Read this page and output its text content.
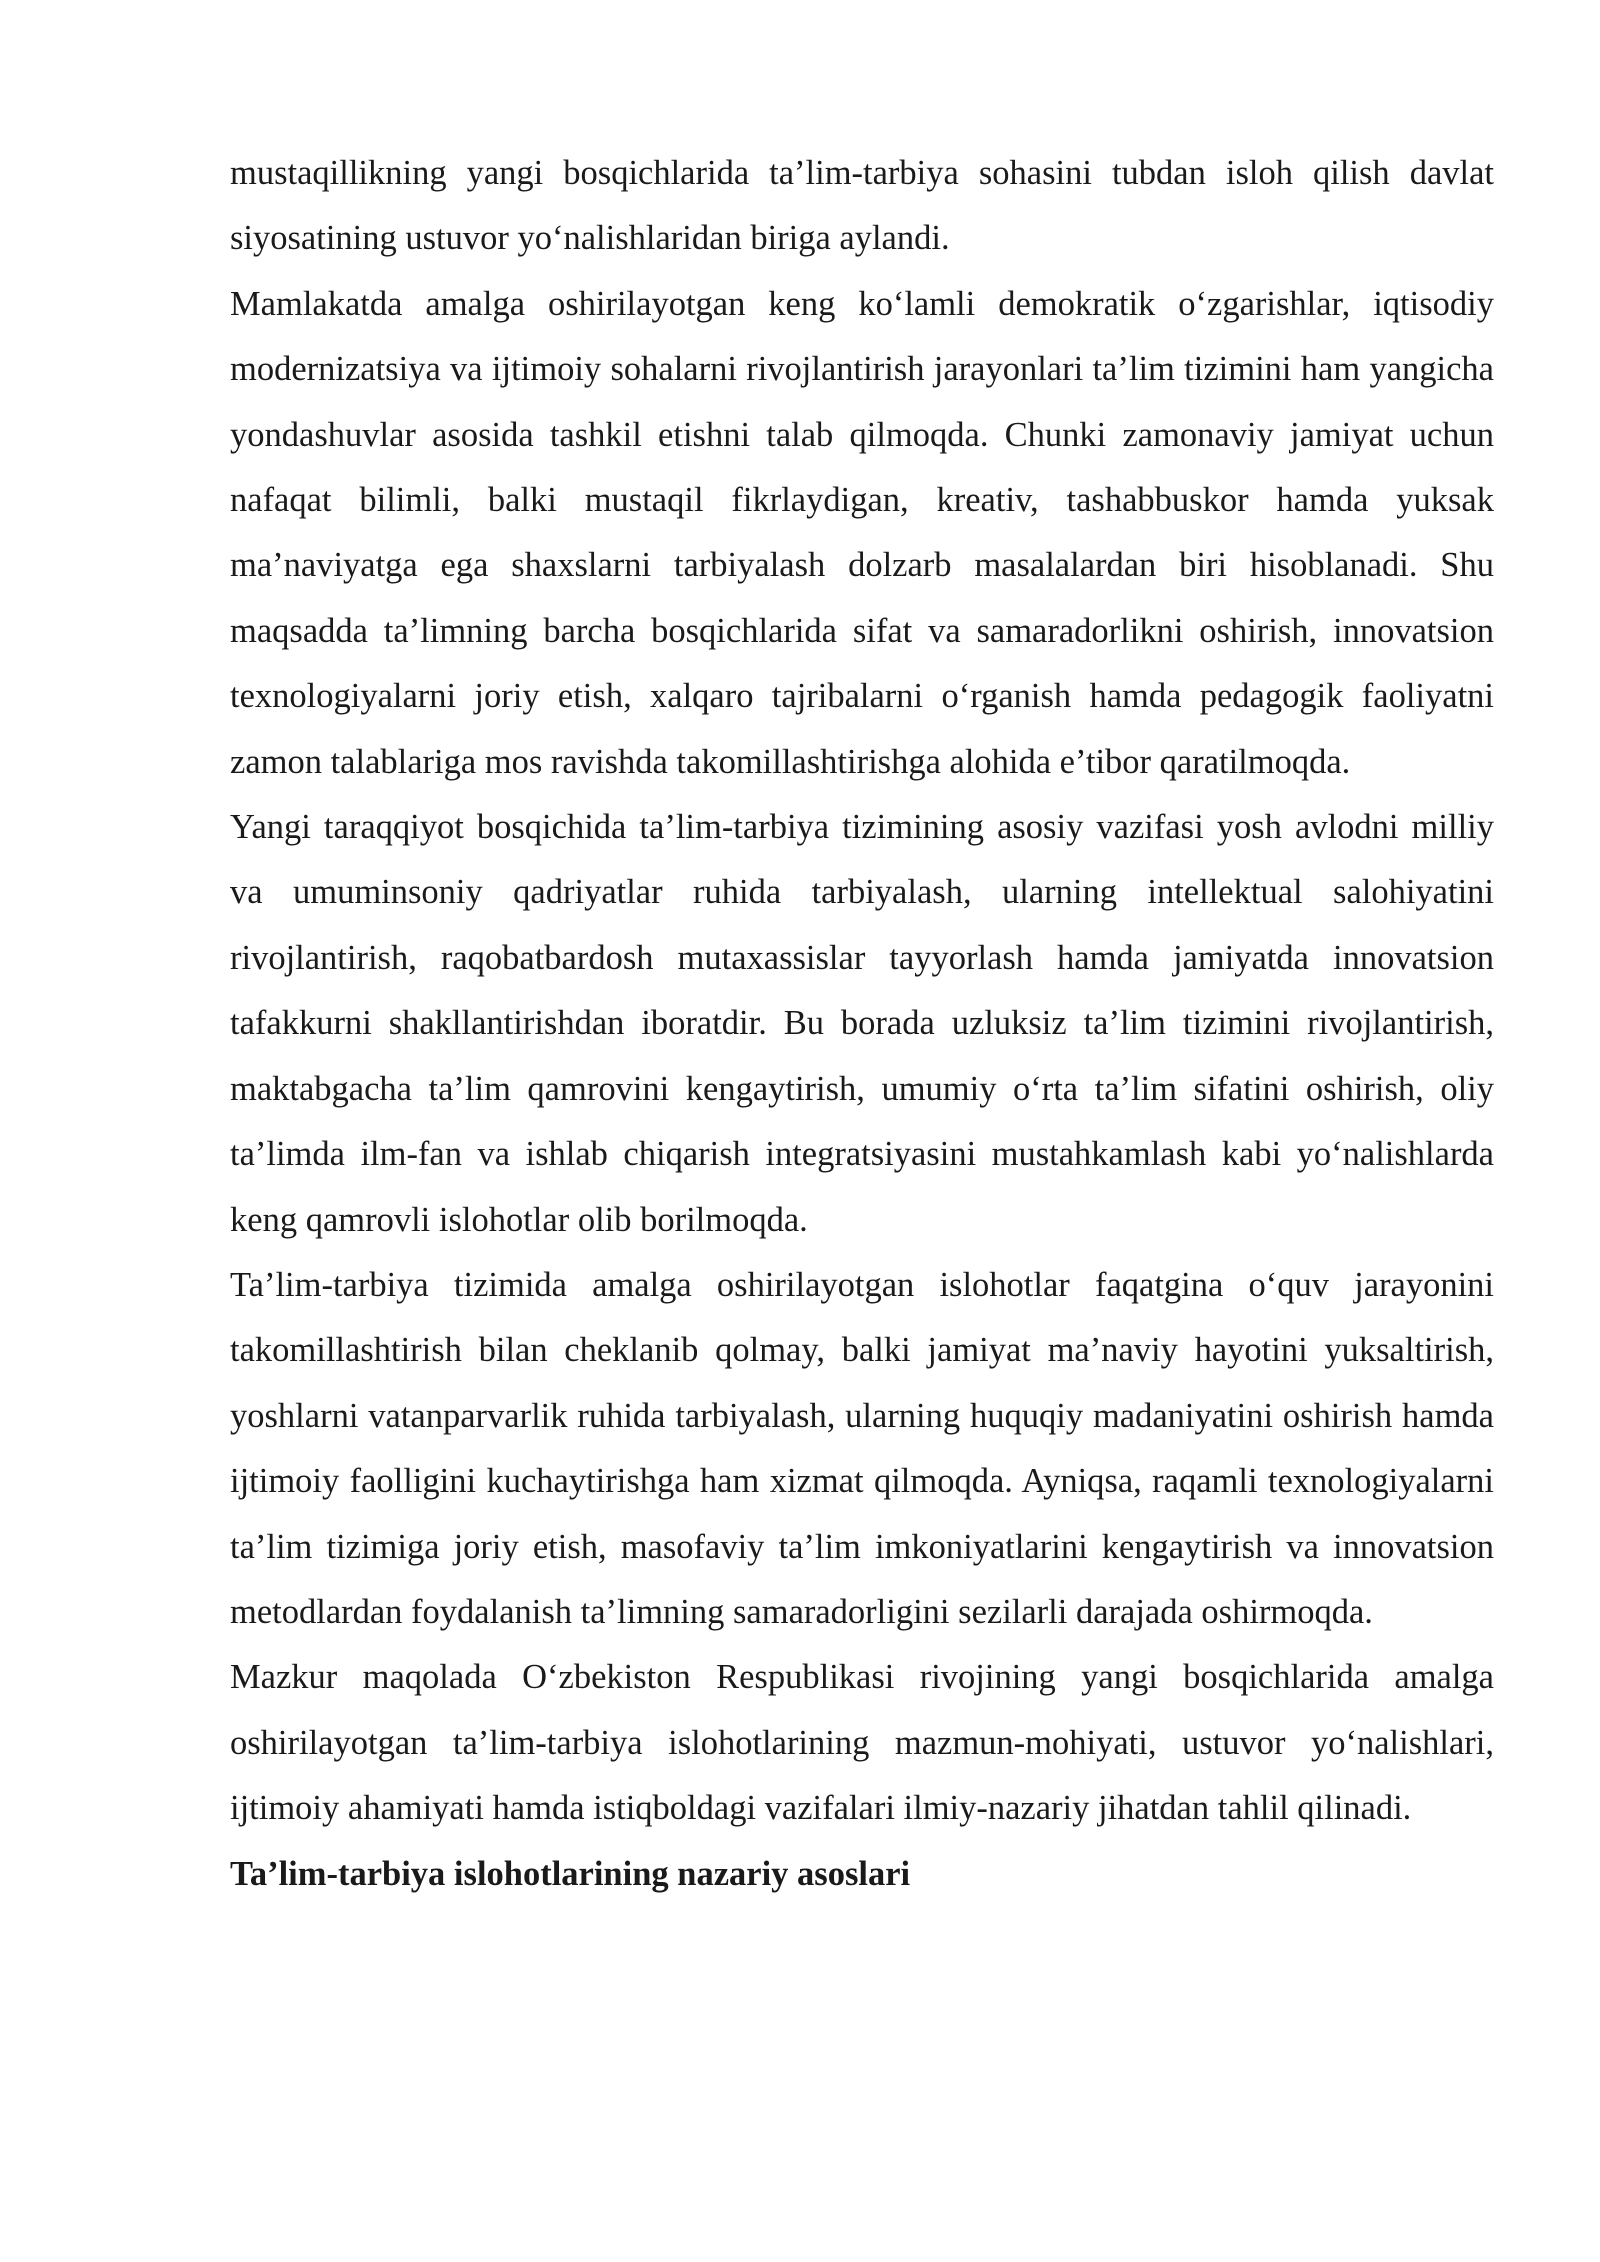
mustaqillikning yangi bosqichlarida ta’lim-tarbiya sohasini tubdan isloh qilish davlat siyosatining ustuvor yo‘nalishlaridan biriga aylandi.

Mamlakatda amalga oshirilayotgan keng ko‘lamli demokratik o‘zgarishlar, iqtisodiy modernizatsiya va ijtimoiy sohalarni rivojlantirish jarayonlari ta’lim tizimini ham yangicha yondashuvlar asosida tashkil etishni talab qilmoqda. Chunki zamonaviy jamiyat uchun nafaqat bilimli, balki mustaqil fikrlaydigan, kreativ, tashabbuskor hamda yuksak ma’naviyatga ega shaxslarni tarbiyalash dolzarb masalalardan biri hisoblanadi. Shu maqsadda ta’limning barcha bosqichlarida sifat va samaradorlikni oshirish, innovatsion texnologiyalarni joriy etish, xalqaro tajribalarni o‘rganish hamda pedagogik faoliyatni zamon talablariga mos ravishda takomillashtirishga alohida e’tibor qaratilmoqda.

Yangi taraqqiyot bosqichida ta’lim-tarbiya tizimining asosiy vazifasi yosh avlodni milliy va umuminsoniy qadriyatlar ruhida tarbiyalash, ularning intellektual salohiyatini rivojlantirish, raqobatbardosh mutaxassislar tayyorlash hamda jamiyatda innovatsion tafakkurni shakllantirishdan iboratdir. Bu borada uzluksiz ta’lim tizimini rivojlantirish, maktabgacha ta’lim qamrovini kengaytirish, umumiy o‘rta ta’lim sifatini oshirish, oliy ta’limda ilm-fan va ishlab chiqarish integratsiyasini mustahkamlash kabi yo‘nalishlarda keng qamrovli islohotlar olib borilmoqda.

Ta’lim-tarbiya tizimida amalga oshirilayotgan islohotlar faqatgina o‘quv jarayonini takomillashtirish bilan cheklanib qolmay, balki jamiyat ma’naviy hayotini yuksaltirish, yoshlarni vatanparvarlik ruhida tarbiyalash, ularning huquqiy madaniyatini oshirish hamda ijtimoiy faolligini kuchaytirishga ham xizmat qilmoqda. Ayniqsa, raqamli texnologiyalarni ta’lim tizimiga joriy etish, masofaviy ta’lim imkoniyatlarini kengaytirish va innovatsion metodlardan foydalanish ta’limning samaradorligini sezilarli darajada oshirmoqda.

Mazkur maqolada O‘zbekiston Respublikasi rivojining yangi bosqichlarida amalga oshirilayotgan ta’lim-tarbiya islohotlarining mazmun-mohiyati, ustuvor yo‘nalishlari, ijtimoiy ahamiyati hamda istiqboldagi vazifalari ilmiy-nazariy jihatdan tahlil qilinadi.

Ta’lim-tarbiya islohotlarining nazariy asoslari
